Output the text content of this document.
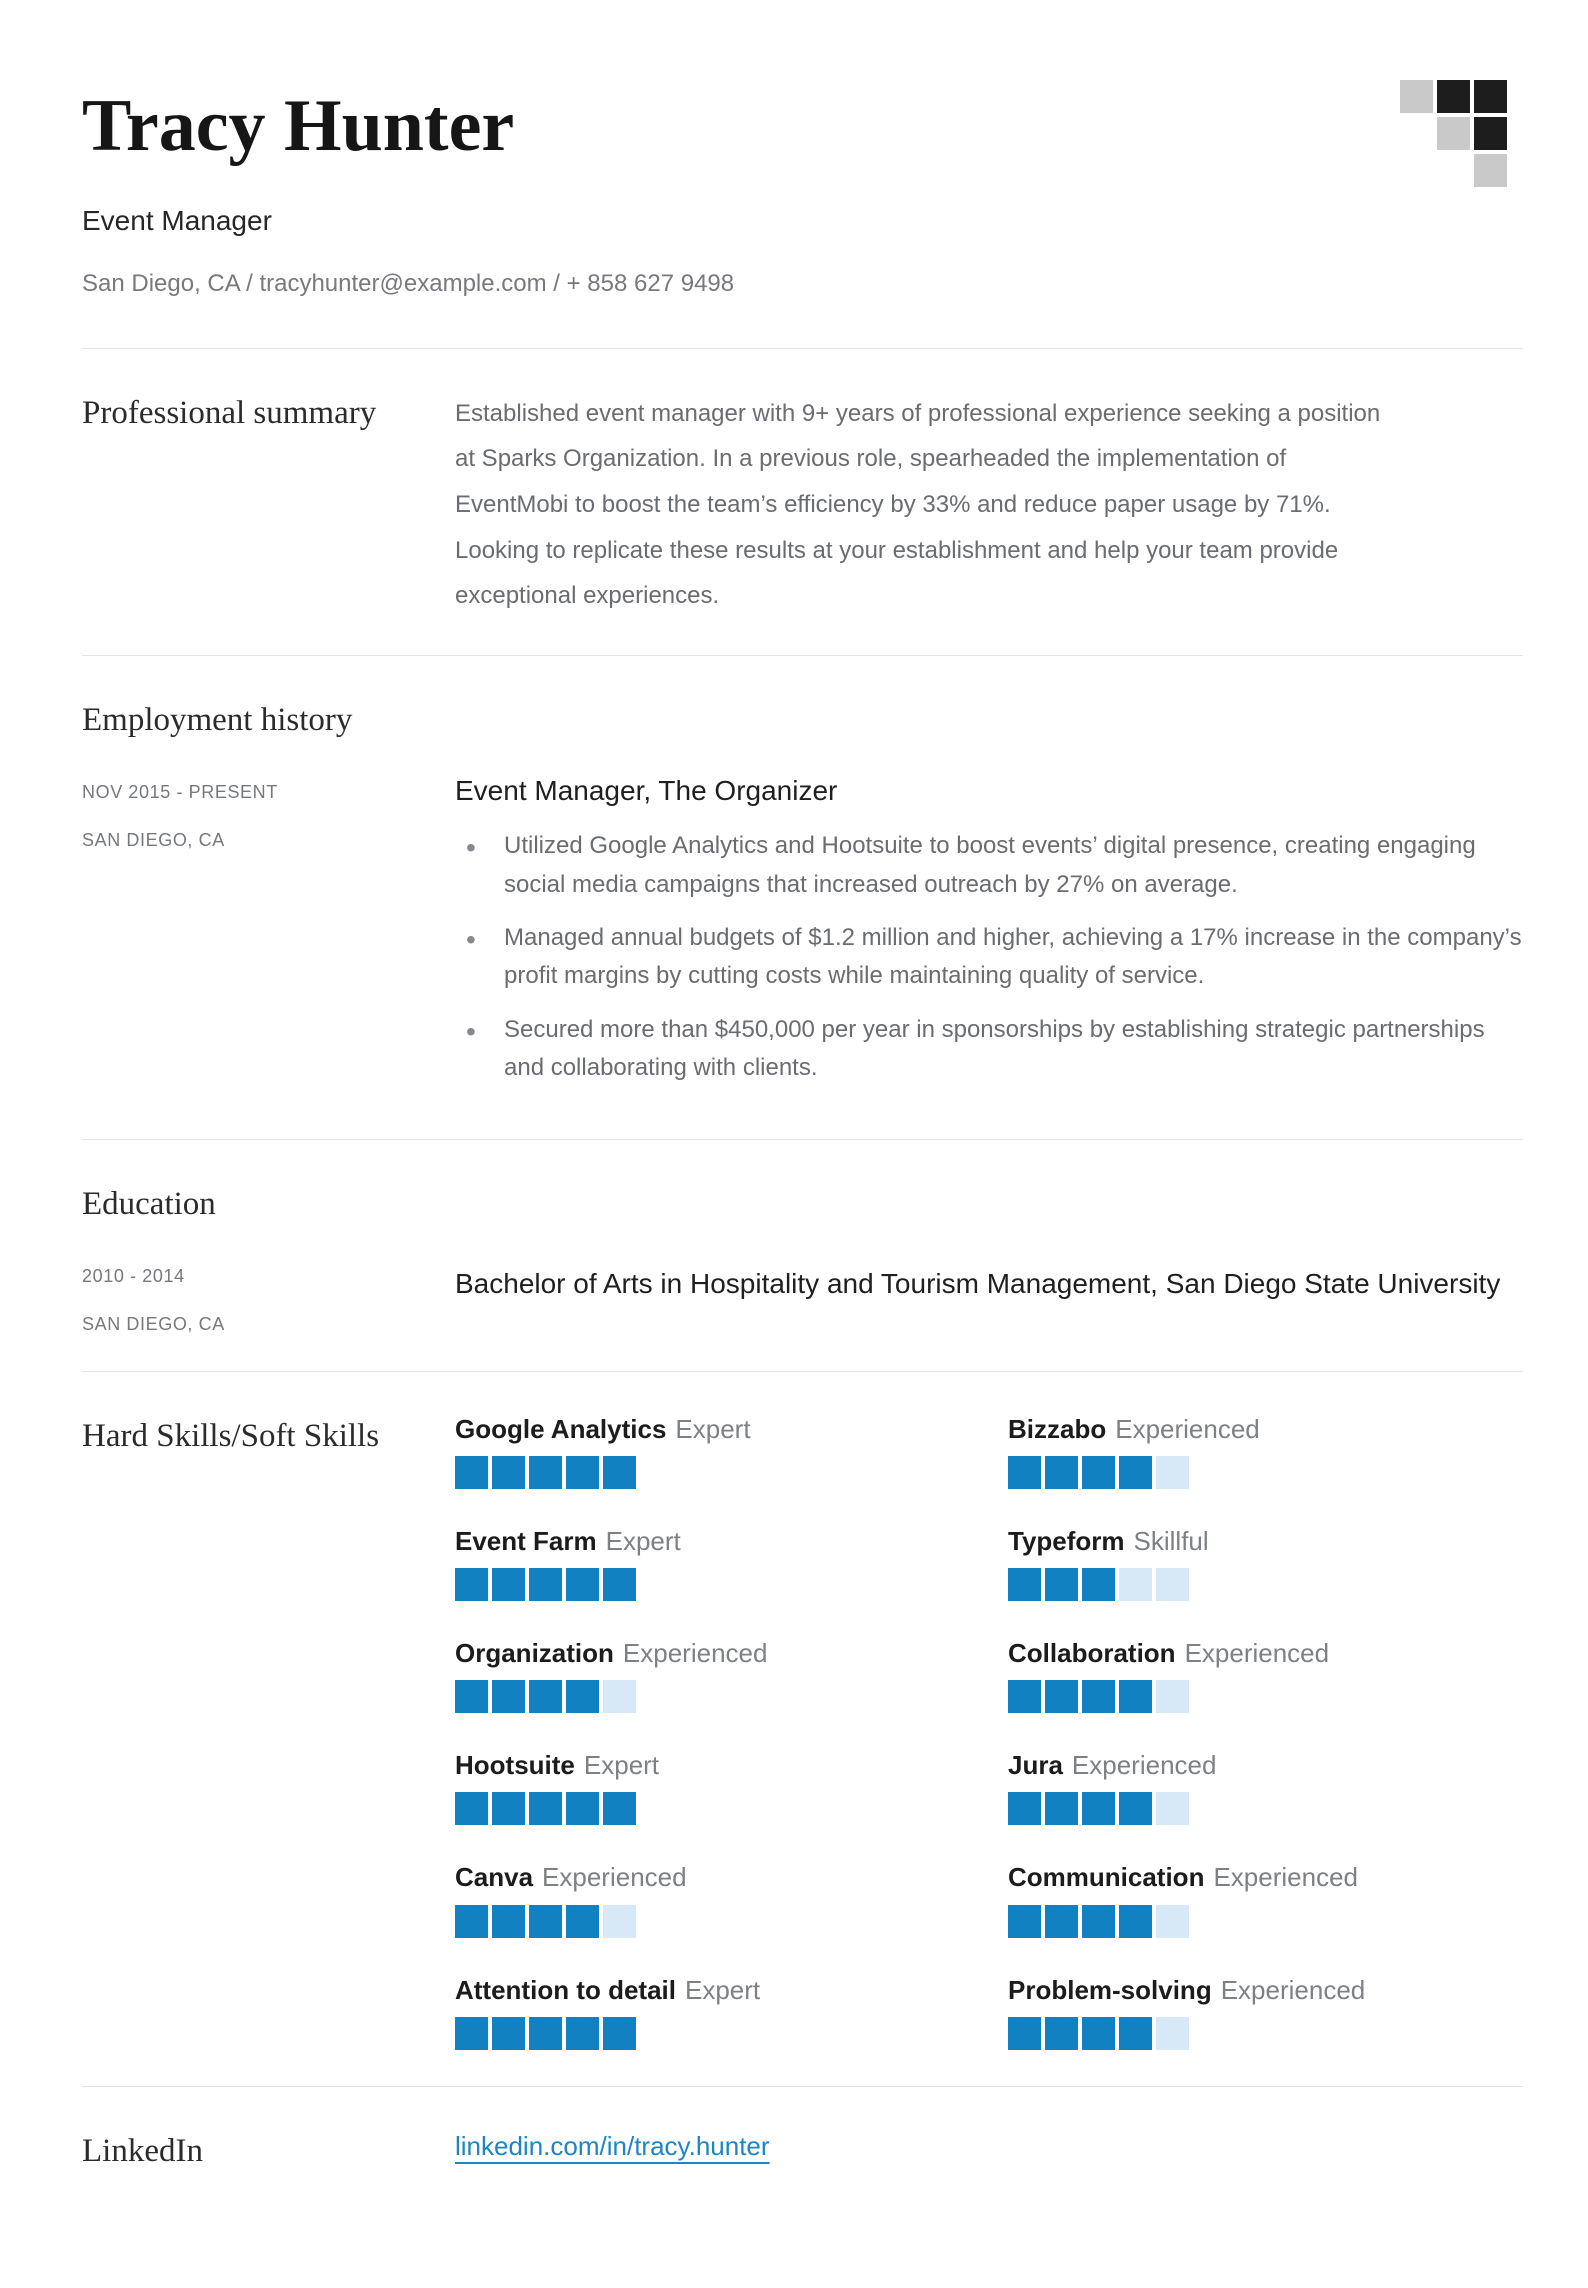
Tracy Hunter
Event Manager
San Diego, CA / tracyhunter@example.com / + 858 627 9498
Professional summary	Established event manager with 9+ years of professional experience seeking a position at Sparks Organization. In a previous role, spearheaded the implementation of EventMobi to boost the team’s efficiency by 33% and reduce paper usage by 71%. Looking to replicate these results at your establishment and help your team provide exceptional experiences.
Employment history
NOV 2015 - PRESENT
SAN DIEGO, CA
Event Manager, The Organizer
• Utilized Google Analytics and Hootsuite to boost events’ digital presence, creating engaging social media campaigns that increased outreach by 27% on average.
• Managed annual budgets of $1.2 million and higher, achieving a 17% increase in the company’s profit margins by cutting costs while maintaining quality of service.
• Secured more than $450,000 per year in sponsorships by establishing strategic partnerships and collaborating with clients.
Education
2010 - 2014
SAN DIEGO, CA
Bachelor of Arts in Hospitality and Tourism Management, San Diego State University
Hard Skills/Soft Skills	Google Analytics Expert	Bizzabo Experienced
Event Farm Expert	Typeform Skillful
Organization Experienced	Collaboration Experienced
Hootsuite Expert	Jura Experienced
Canva Experienced	Communication Experienced
Attention to detail Expert	Problem-solving Experienced
LinkedIn	linkedin.com/in/tracy.hunter
